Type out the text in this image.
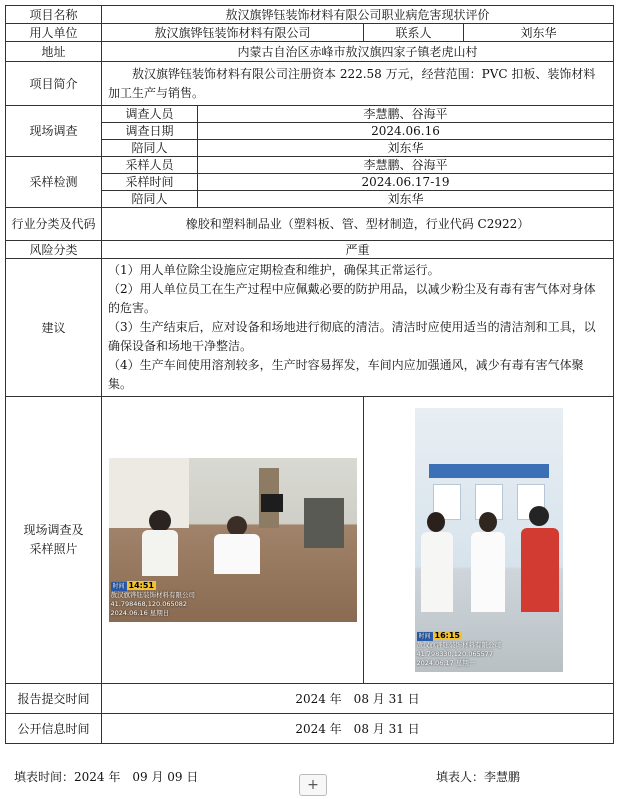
项目名称	敖汉旗铧钰装饰材料有限公司职业病危害现状评价			
用人单位	敖汉旗铧钰装饰材料有限公司		联系人	刘东华
地址	内蒙古自治区赤峰市敖汉旗四家子镇老虎山村			
项目简介	敖汉旗铧钰装饰材料有限公司注册资本 222.58 万元，经营范围：PVC 扣板、装饰材料加工生产与销售。			

现场调查	调查人员	李慧鹏、谷海平		
	调查日期	2024.06.16		
	陪同人	刘东华		
采样检测	采样人员	李慧鹏、谷海平		
	采样时间	2024.06.17-19		
	陪同人	刘东华		
行业分类及代码	橡胶和塑料制品业（塑料板、管、型材制造，行业代码 C2922）			
风险分类	严重			
建议	（1）用人单位除尘设施应定期检查和维护，确保其正常运行。

（2）用人单位员工在生产过程中应佩戴必要的防护用品，以减少粉尘及有毒有害气体对身体的危害。

（3）生产结束后，应对设备和场地进行彻底的清洁。清洁时应使用适当的清洁剂和工具，以确保设备和场地干净整洁。

（4）生产车间使用溶剂较多，生产时容易挥发，车间内应加强通风，减少有毒有害气体聚集。			

现场调查及采样照片	时间 14:51
敖汉旗铧钰装饰材料有限公司
41.798468,120.065082
2024.06.16 星期日		时间 16:15
敖汉旗铧钰装饰材料有限公司
41.798330,120.065577
2024.06.17 星期一	

报告提交时间	2024 年　08 月 31 日			
公开信息时间	2024 年　08 月 31 日			
填表时间：2024 年　09 月 09 日	填表人：李慧鹏
+
